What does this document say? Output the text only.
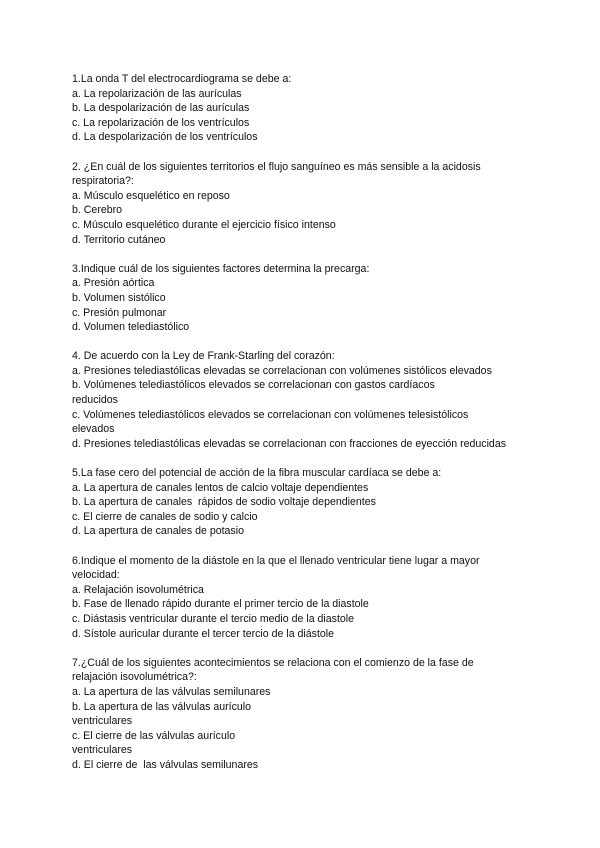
1.La onda T del electrocardiograma se debe a:
a. La repolarización de las aurículas
b. La despolarización de las aurículas
c. La repolarización de los ventrículos
d. La despolarización de los ventrículos
2. ¿En cuál de los siguientes territorios el flujo sanguíneo es más sensible a la acidosis
respiratoria?:
a. Músculo esquelético en reposo
b. Cerebro
c. Músculo esquelético durante el ejercicio físico intenso
d. Territorio cutáneo
3.Indique cuál de los siguientes factores determina la precarga:
a. Presión aórtica
b. Volumen sistólico
c. Presión pulmonar
d. Volumen telediastólico
4. De acuerdo con la Ley de Frank-Starling del corazón:
a. Presiones telediastólicas elevadas se correlacionan con volúmenes sistólicos elevados
b. Volúmenes telediastólicos elevados se correlacionan con gastos cardíacos
reducidos
c. Volúmenes telediastólicos elevados se correlacionan con volúmenes telesistólicos
elevados
d. Presiones telediastólicas elevadas se correlacionan con fracciones de eyección reducidas
5.La fase cero del potencial de acción de la fibra muscular cardíaca se debe a:
a. La apertura de canales lentos de calcio voltaje dependientes
b. La apertura de canales  rápidos de sodio voltaje dependientes
c. El cierre de canales de sodio y calcio
d. La apertura de canales de potasio
6.Indique el momento de la diástole en la que el llenado ventricular tiene lugar a mayor
velocidad:
a. Relajación isovolumétrica
b. Fase de llenado rápido durante el primer tercio de la diastole
c. Diástasis ventricular durante el tercio medio de la diastole
d. Sístole auricular durante el tercer tercio de la diástole
7.¿Cuál de los siguientes acontecimientos se relaciona con el comienzo de la fase de
relajación isovolumétrica?:
a. La apertura de las válvulas semilunares
b. La apertura de las válvulas aurículo
ventriculares
c. El cierre de las válvulas aurículo
ventriculares
d. El cierre de  las válvulas semilunares
